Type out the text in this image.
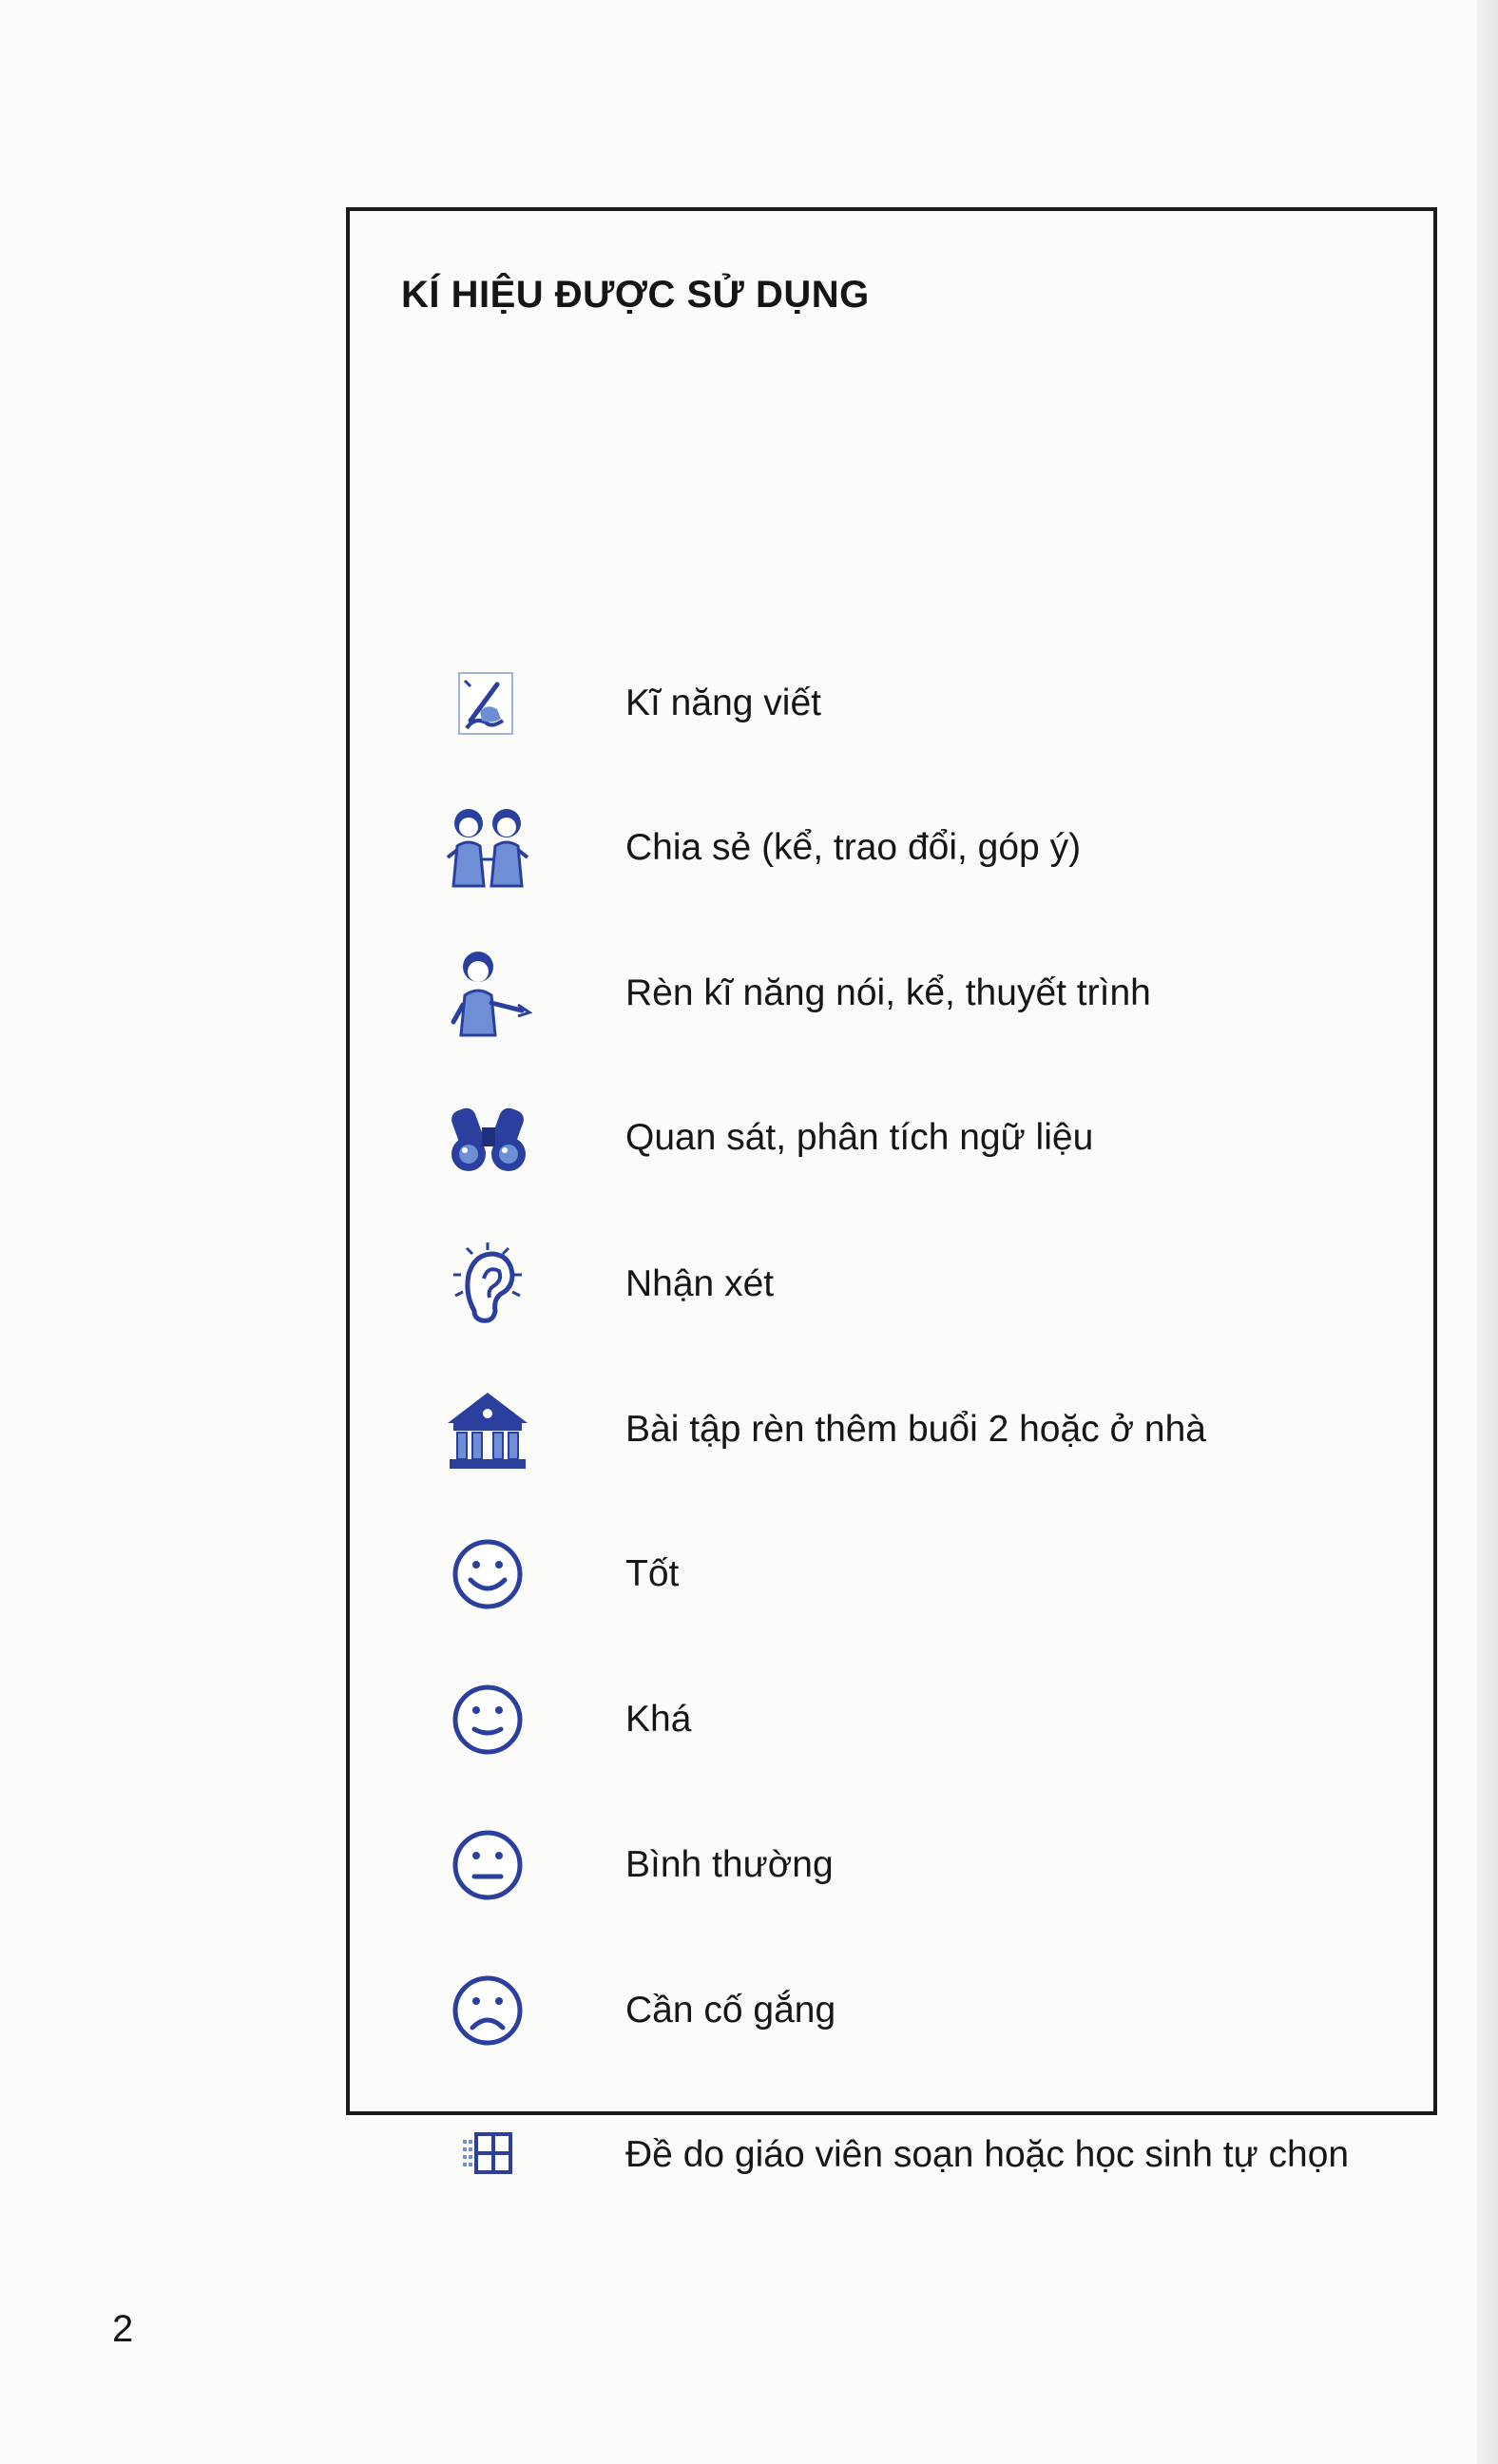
KÍ HIỆU ĐƯỢC SỬ DỤNG
Kĩ năng viết
Chia sẻ (kể, trao đổi, góp ý)
Rèn kĩ năng nói, kể, thuyết trình
Quan sát, phân tích ngữ liệu
Nhận xét
Bài tập rèn thêm buổi 2 hoặc ở nhà
Tốt
Khá
Bình thường
Cần cố gắng
Đề do giáo viên soạn hoặc học sinh tự chọn
2
